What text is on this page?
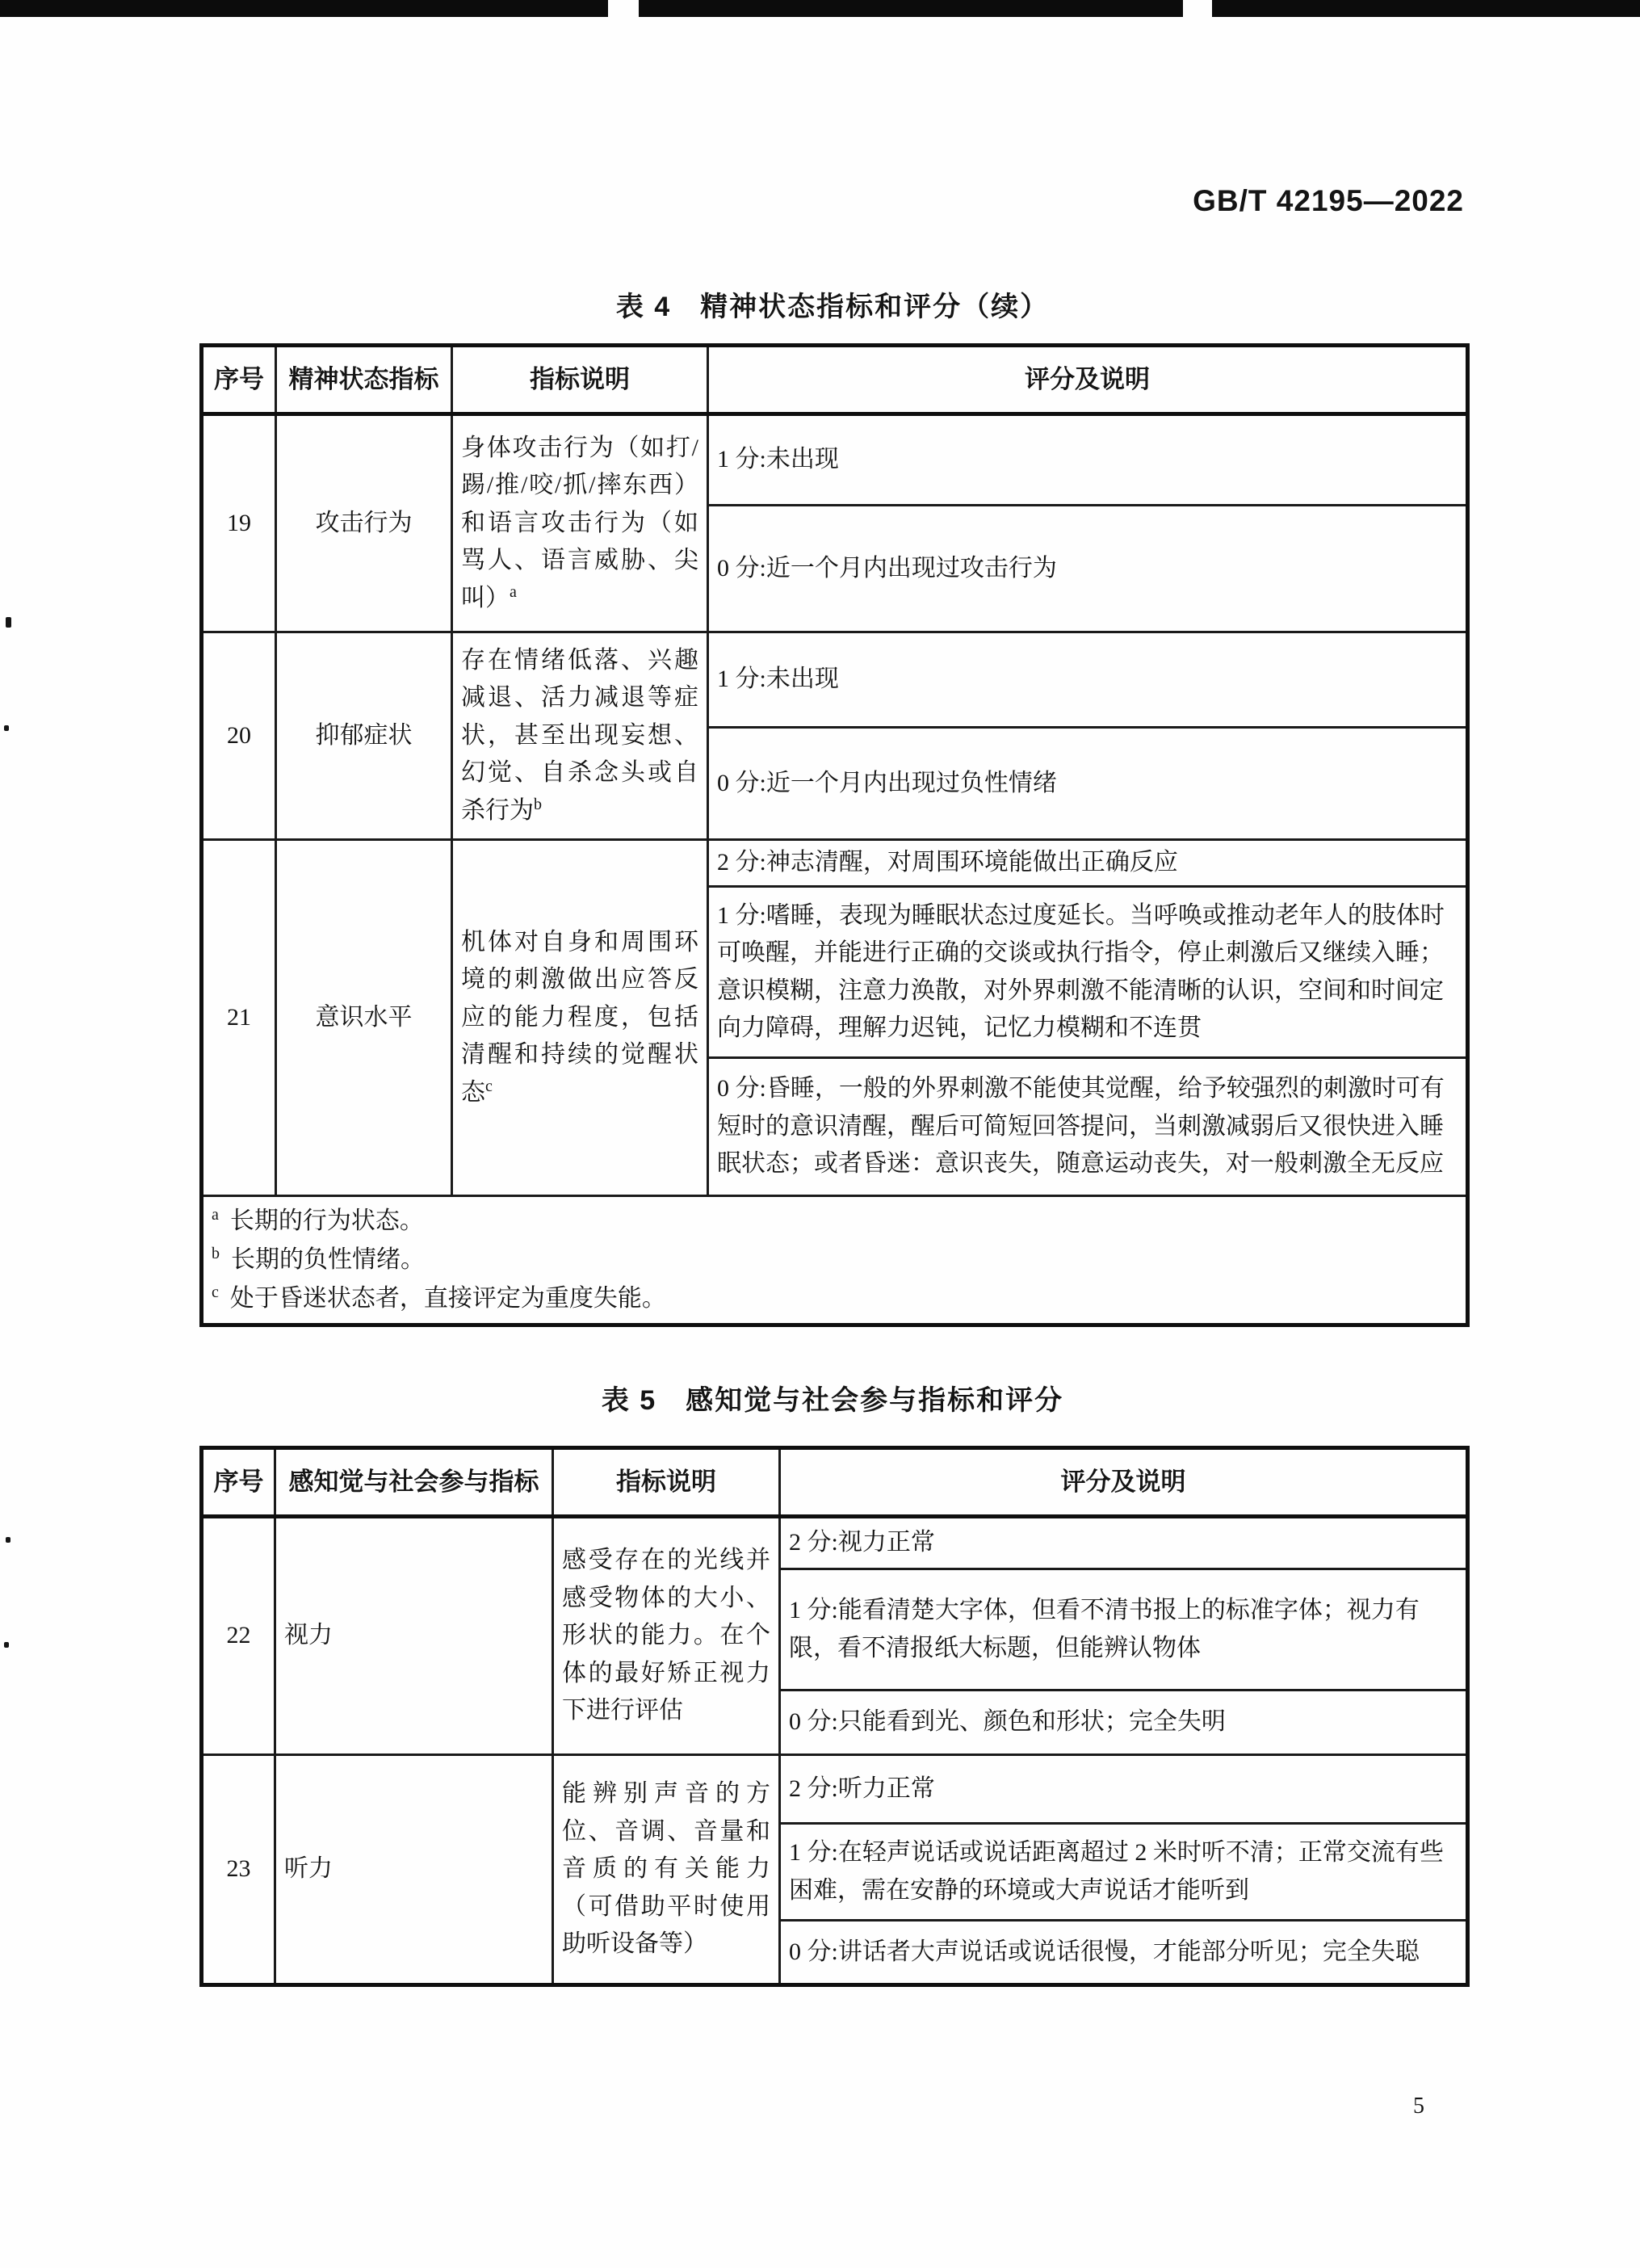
GB/T 42195—2022
表 4　精神状态指标和评分（续）
序号	精神状态指标	指标说明	评分及说明
19	攻击行为	身体攻击行为（如打/踢/推/咬/抓/摔东西）和语言攻击行为（如骂人、语言威胁、尖叫）$^a$	1 分:未出现
			0 分:近一个月内出现过攻击行为
20	抑郁症状	存在情绪低落、兴趣减退、活力减退等症状，甚至出现妄想、幻觉、自杀念头或自杀行为$^b$	1 分:未出现
			0 分:近一个月内出现过负性情绪
21	意识水平	机体对自身和周围环境的刺激做出应答反应的能力程度，包括清醒和持续的觉醒状态$^c$	2 分:神志清醒，对周围环境能做出正确反应
			1 分:嗜睡，表现为睡眠状态过度延长。当呼唤或推动老年人的肢体时可唤醒，并能进行正确的交谈或执行指令，停止刺激后又继续入睡；意识模糊，注意力涣散，对外界刺激不能清晰的认识，空间和时间定向力障碍，理解力迟钝，记忆力模糊和不连贯
			0 分:昏睡，一般的外界刺激不能使其觉醒，给予较强烈的刺激时可有短时的意识清醒，醒后可简短回答提问，当刺激减弱后又很快进入睡眠状态；或者昏迷：意识丧失，随意运动丧失，对一般刺激全无反应

$^a$ 长期的行为状态。
$^b$ 长期的负性情绪。
$^c$ 处于昏迷状态者，直接评定为重度失能。			
表 5　感知觉与社会参与指标和评分
序号	感知觉与社会参与指标	指标说明	评分及说明
22	视力	感受存在的光线并感受物体的大小、形状的能力。在个体的最好矫正视力下进行评估	2 分:视力正常
			1 分:能看清楚大字体，但看不清书报上的标准字体；视力有限，看不清报纸大标题，但能辨认物体
			0 分:只能看到光、颜色和形状；完全失明
23	听力	能辨别声音的方位、音调、音量和音质的有关能力（可借助平时使用助听设备等）	2 分:听力正常
			1 分:在轻声说话或说话距离超过 2 米时听不清；正常交流有些困难，需在安静的环境或大声说话才能听到
			0 分:讲话者大声说话或说话很慢，才能部分听见；完全失聪
5
